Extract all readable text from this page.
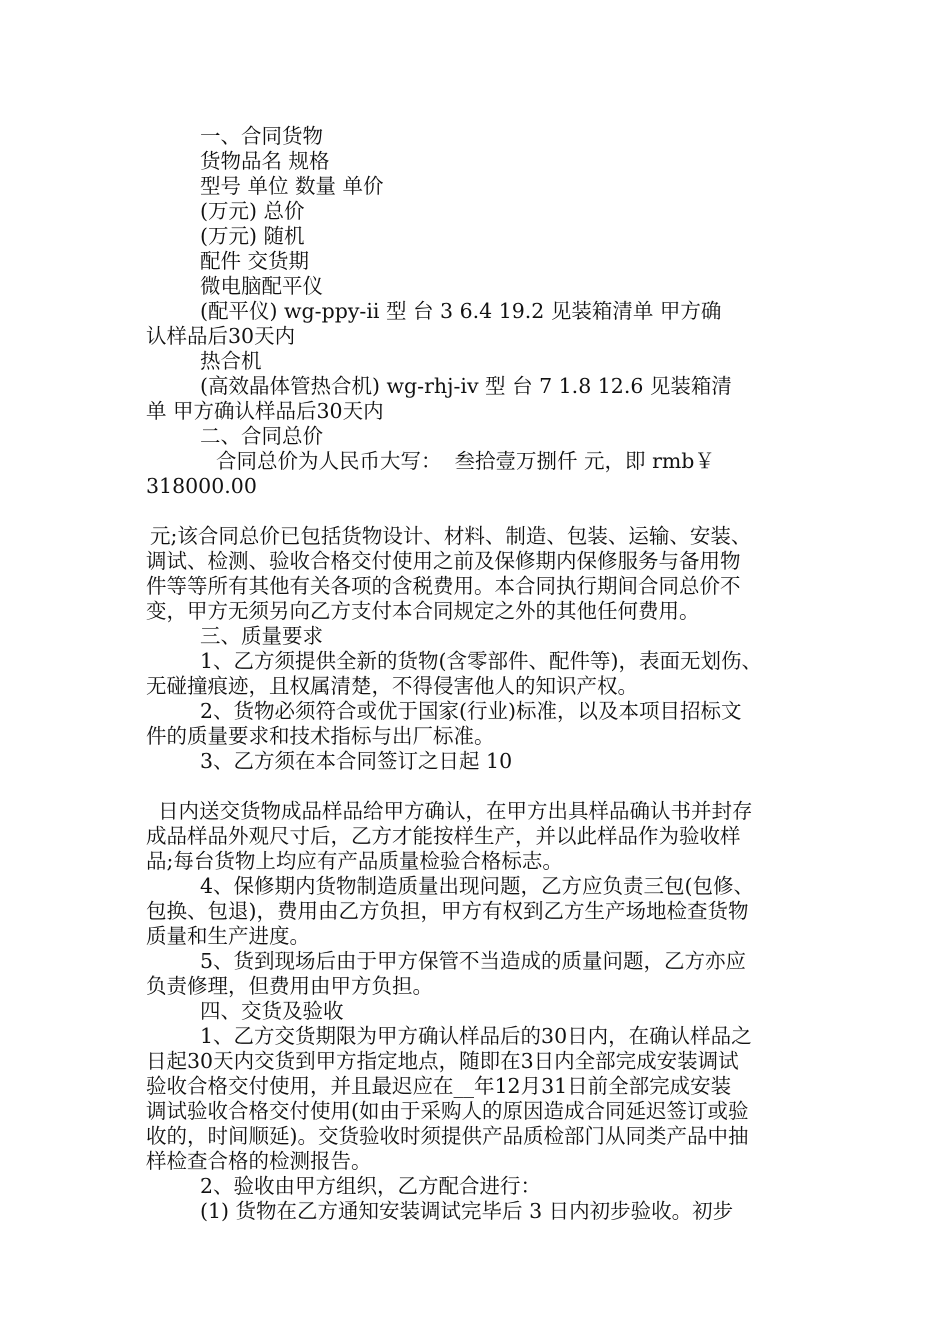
一、合同货物
货物品名 规格
型号 单位 数量 单价
(万元) 总价
(万元) 随机
配件 交货期
微电脑配平仪
(配平仪) wg-ppy-ii 型 台 3 6.4 19.2 见装箱清单 甲方确
认样品后30天内
热合机
(高效晶体管热合机) wg-rhj-iv 型 台 7 1.8 12.6 见装箱清
单 甲方确认样品后30天内
二、合同总价
合同总价为人民币大写：  叁拾壹万捌仟 元，即 rmb￥
318000.00
元;该合同总价已包括货物设计、材料、制造、包装、运输、安装、
调试、检测、验收合格交付使用之前及保修期内保修服务与备用物
件等等所有其他有关各项的含税费用。本合同执行期间合同总价不
变，甲方无须另向乙方支付本合同规定之外的其他任何费用。
三、质量要求
1、乙方须提供全新的货物(含零部件、配件等)，表面无划伤、
无碰撞痕迹，且权属清楚，不得侵害他人的知识产权。
2、货物必须符合或优于国家(行业)标准，以及本项目招标文
件的质量要求和技术指标与出厂标准。
3、乙方须在本合同签订之日起 10
日内送交货物成品样品给甲方确认，在甲方出具样品确认书并封存
成品样品外观尺寸后，乙方才能按样生产，并以此样品作为验收样
品;每台货物上均应有产品质量检验合格标志。
4、保修期内货物制造质量出现问题，乙方应负责三包(包修、
包换、包退)，费用由乙方负担，甲方有权到乙方生产场地检查货物
质量和生产进度。
5、货到现场后由于甲方保管不当造成的质量问题，乙方亦应
负责修理，但费用由甲方负担。
四、交货及验收
1、乙方交货期限为甲方确认样品后的30日内，在确认样品之
日起30天内交货到甲方指定地点，随即在3日内全部完成安装调试
验收合格交付使用，并且最迟应在__年12月31日前全部完成安装
调试验收合格交付使用(如由于采购人的原因造成合同延迟签订或验
收的，时间顺延)。交货验收时须提供产品质检部门从同类产品中抽
样检查合格的检测报告。
2、验收由甲方组织，乙方配合进行：
(1) 货物在乙方通知安装调试完毕后 3 日内初步验收。初步
